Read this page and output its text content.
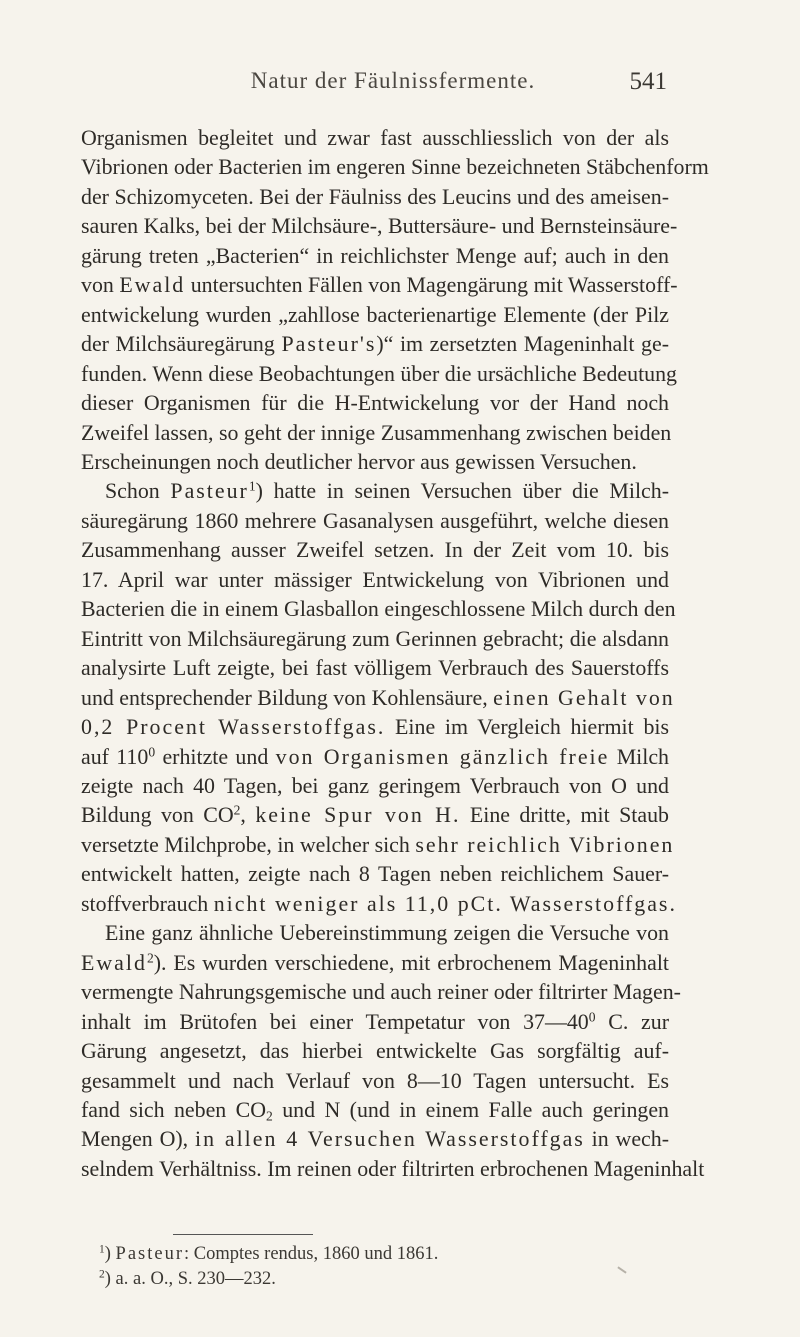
Natur der Fäulnissfermente.	541
Organismen begleitet und zwar fast ausschliesslich von der als
Vibrionen oder Bacterien im engeren Sinne bezeichneten Stäbchenform
der Schizomyceten. Bei der Fäulniss des Leucins und des ameisen-
sauren Kalks, bei der Milchsäure-, Buttersäure- und Bernsteinsäure-
gärung treten „Bacterien“ in reichlichster Menge auf; auch in den
von Ewald untersuchten Fällen von Magengärung mit Wasserstoff-
entwickelung wurden „zahllose bacterienartige Elemente (der Pilz
der Milchsäuregärung Pasteur's)“ im zersetzten Mageninhalt ge-
funden. Wenn diese Beobachtungen über die ursächliche Bedeutung
dieser Organismen für die H-Entwickelung vor der Hand noch
Zweifel lassen, so geht der innige Zusammenhang zwischen beiden
Erscheinungen noch deutlicher hervor aus gewissen Versuchen.
Schon Pasteur$^1$) hatte in seinen Versuchen über die Milch-
säuregärung 1860 mehrere Gasanalysen ausgeführt, welche diesen
Zusammenhang ausser Zweifel setzen. In der Zeit vom 10. bis
17. April war unter mässiger Entwickelung von Vibrionen und
Bacterien die in einem Glasballon eingeschlossene Milch durch den
Eintritt von Milchsäuregärung zum Gerinnen gebracht; die alsdann
analysirte Luft zeigte, bei fast völligem Verbrauch des Sauerstoffs
und entsprechender Bildung von Kohlensäure, einen Gehalt von
0,2 Procent Wasserstoffgas. Eine im Vergleich hiermit bis
auf $110^0$ erhitzte und von Organismen gänzlich freie Milch
zeigte nach 40 Tagen, bei ganz geringem Verbrauch von O und
Bildung von $CO^2$, keine Spur von H. Eine dritte, mit Staub
versetzte Milchprobe, in welcher sich sehr reichlich Vibrionen
entwickelt hatten, zeigte nach 8 Tagen neben reichlichem Sauer-
stoffverbrauch nicht weniger als 11,0 pCt. Wasserstoffgas.
Eine ganz ähnliche Uebereinstimmung zeigen die Versuche von
Ewald$^2$). Es wurden verschiedene, mit erbrochenem Mageninhalt
vermengte Nahrungsgemische und auch reiner oder filtrirter Magen-
inhalt im Brütofen bei einer Tempetatur von $37—40^0$ C. zur
Gärung angesetzt, das hierbei entwickelte Gas sorgfältig auf-
gesammelt und nach Verlauf von 8—10 Tagen untersucht. Es
fand sich neben $CO_2$ und N (und in einem Falle auch geringen
Mengen O), in allen 4 Versuchen Wasserstoffgas in wech-
selndem Verhältniss. Im reinen oder filtrirten erbrochenen Mageninhalt
$^1$) Pasteur: Comptes rendus, 1860 und 1861.
$^2$) a. a. O., S. 230—232.
